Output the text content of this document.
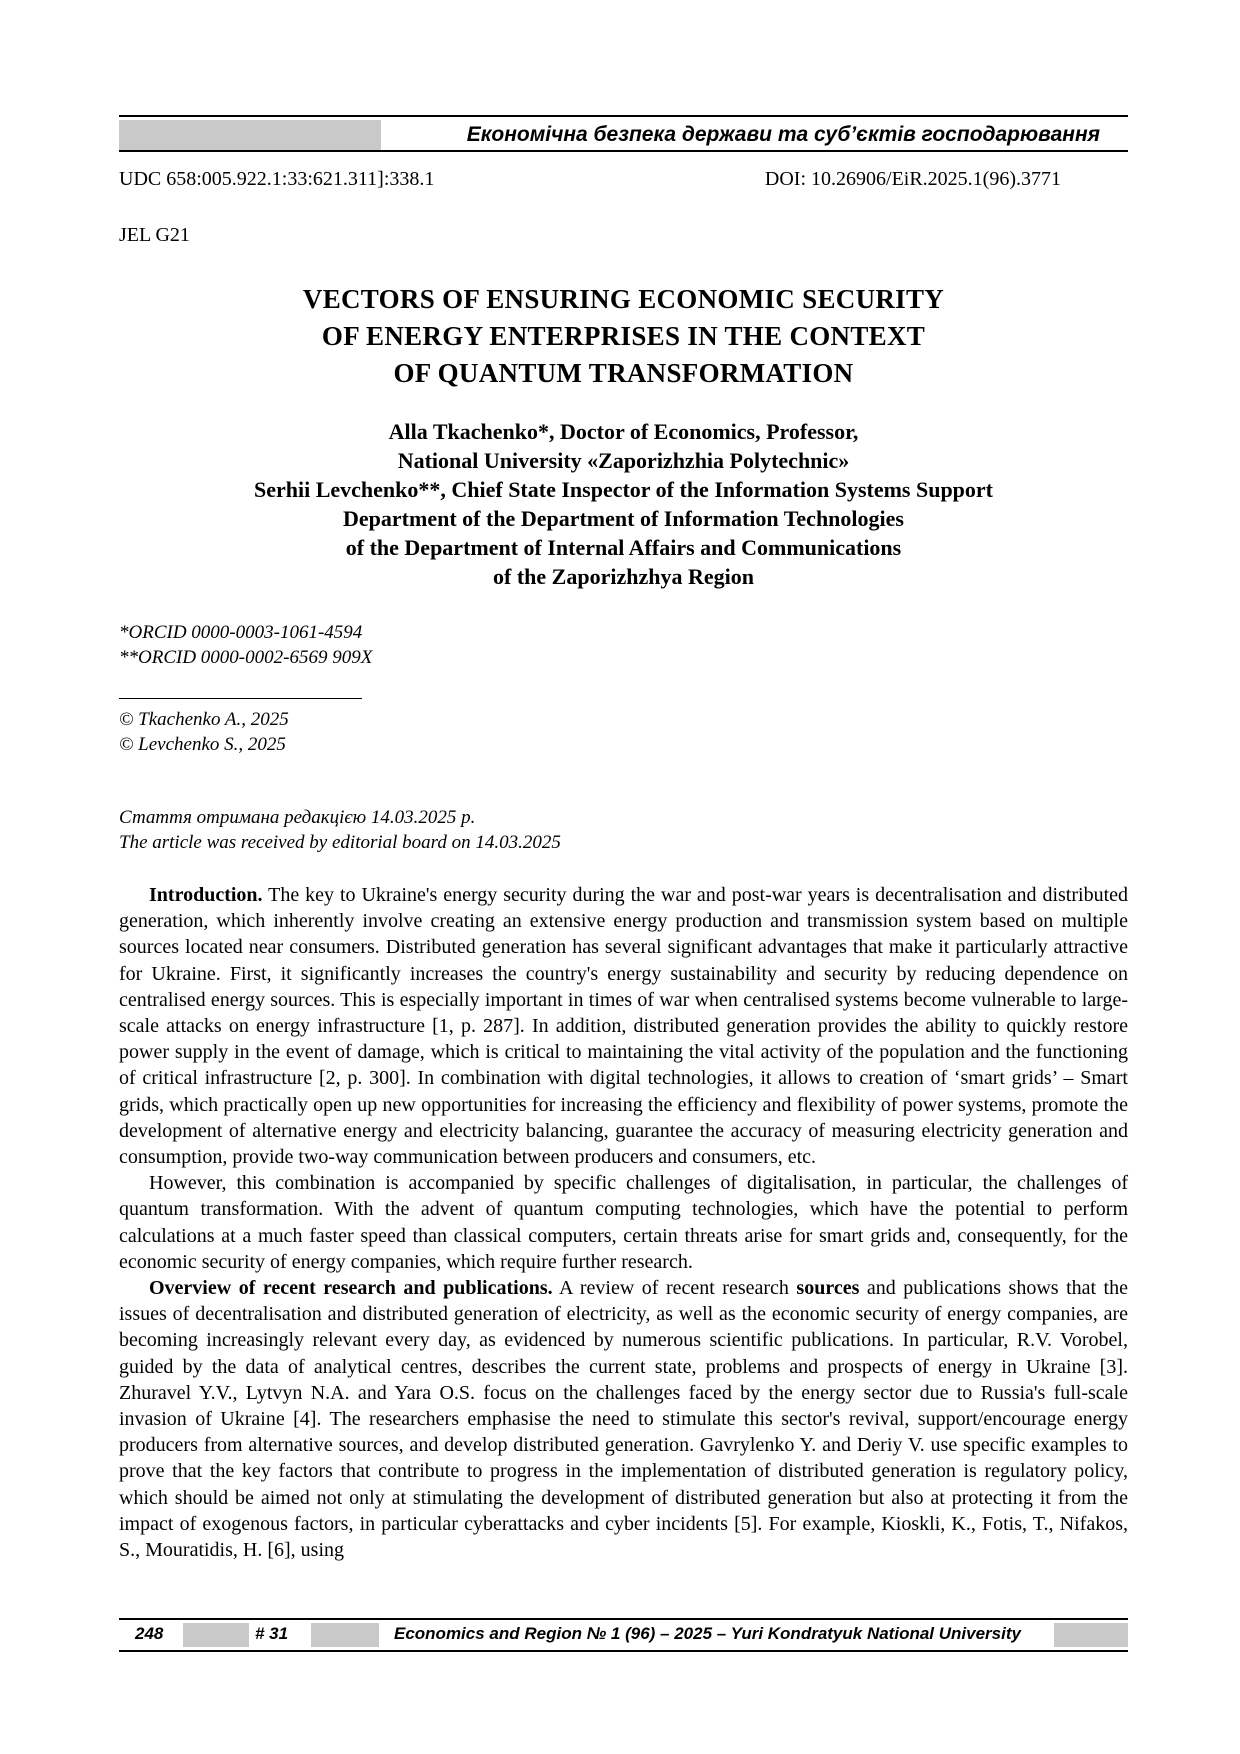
Економічна безпека держави та суб’єктів господарювання
UDC 658:005.922.1:33:621.311]:338.1	DOI: 10.26906/EiR.2025.1(96).3771
JEL G21
VECTORS OF ENSURING ECONOMIC SECURITY
OF ENERGY ENTERPRISES IN THE CONTEXT
OF QUANTUM TRANSFORMATION
Alla Tkachenko*, Doctor of Economics, Professor,
National University «Zaporizhzhia Polytechnic»
Serhii Levchenko**, Chief State Inspector of the Information Systems Support
Department of the Department of Information Technologies
of the Department of Internal Affairs and Communications
of the Zaporizhzhya Region
*ORCID 0000-0003-1061-4594
**ORCID 0000-0002-6569 909X
© Tkachenko A., 2025
© Levchenko S., 2025
Стаття отримана редакцією 14.03.2025 р.
The article was received by editorial board on 14.03.2025

Introduction. The key to Ukraine's energy security during the war and post-war years is decentralisation and distributed generation, which inherently involve creating an extensive energy production and transmission system based on multiple sources located near consumers. Distributed generation has several significant advantages that make it particularly attractive for Ukraine. First, it significantly increases the country's energy sustainability and security by reducing dependence on centralised energy sources. This is especially important in times of war when centralised systems become vulnerable to large-scale attacks on energy infrastructure [1, p. 287]. In addition, distributed generation provides the ability to quickly restore power supply in the event of damage, which is critical to maintaining the vital activity of the population and the functioning of critical infrastructure [2, p. 300]. In combination with digital technologies, it allows to creation of ‘smart grids’ – Smart grids, which practically open up new opportunities for increasing the efficiency and flexibility of power systems, promote the development of alternative energy and electricity balancing, guarantee the accuracy of measuring electricity generation and consumption, provide two-way communication between producers and consumers, etc.

However, this combination is accompanied by specific challenges of digitalisation, in particular, the challenges of quantum transformation. With the advent of quantum computing technologies, which have the potential to perform calculations at a much faster speed than classical computers, certain threats arise for smart grids and, consequently, for the economic security of energy companies, which require further research.

Overview of recent research and publications. A review of recent research sources and publications shows that the issues of decentralisation and distributed generation of electricity, as well as the economic security of energy companies, are becoming increasingly relevant every day, as evidenced by numerous scientific publications. In particular, R.V. Vorobel, guided by the data of analytical centres, describes the current state, problems and prospects of energy in Ukraine [3]. Zhuravel Y.V., Lytvyn N.A. and Yara O.S. focus on the challenges faced by the energy sector due to Russia's full-scale invasion of Ukraine [4]. The researchers emphasise the need to stimulate this sector's revival, support/encourage energy producers from alternative sources, and develop distributed generation. Gavrylenko Y. and Deriy V. use specific examples to prove that the key factors that contribute to progress in the implementation of distributed generation is regulatory policy, which should be aimed not only at stimulating the development of distributed generation but also at protecting it from the impact of exogenous factors, in particular cyberattacks and cyber incidents [5]. For example, Kioskli, K., Fotis, T., Nifakos, S., Mouratidis, H. [6], using

248	# 31	Economics and Region № 1 (96) – 2025 – Yuri Kondratyuk National University
